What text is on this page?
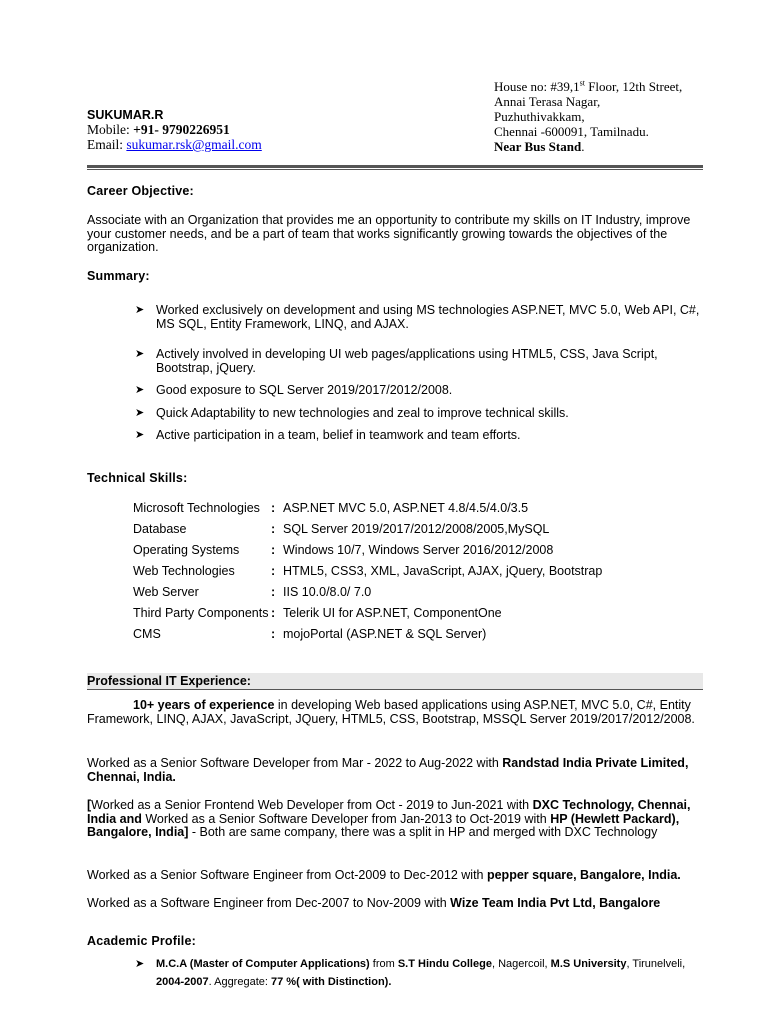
House no: #39,1st Floor, 12th Street,
Annai Terasa Nagar,
Puzhuthivakkam,
Chennai -600091, Tamilnadu.
Near Bus Stand.
SUKUMAR.R
Mobile: +91- 9790226951
Email: sukumar.rsk@gmail.com
Career Objective:
Associate with an Organization that provides me an opportunity to contribute my skills on IT Industry, improve your customer needs, and be a part of team that works significantly growing towards the objectives of the organization.
Summary:
➤ Worked exclusively on development and using MS technologies ASP.NET, MVC 5.0, Web API, C#, MS SQL, Entity Framework, LINQ, and AJAX.
➤ Actively involved in developing UI web pages/applications using HTML5, CSS, Java Script, Bootstrap, jQuery.
➤ Good exposure to SQL Server 2019/2017/2012/2008.
➤ Quick Adaptability to new technologies and zeal to improve technical skills.
➤ Active participation in a team, belief in teamwork and team efforts.
Technical Skills:
Microsoft Technologies : ASP.NET MVC 5.0, ASP.NET 4.8/4.5/4.0/3.5
Database	: SQL Server 2019/2017/2012/2008/2005,MySQL
Operating Systems	: Windows 10/7, Windows Server 2016/2012/2008
Web Technologies	: HTML5, CSS3, XML, JavaScript, AJAX, jQuery, Bootstrap
Web Server	: IIS 10.0/8.0/ 7.0
Third Party Components : Telerik UI for ASP.NET, ComponentOne
CMS	: mojoPortal (ASP.NET & SQL Server)
Professional IT Experience:
10+ years of experience in developing Web based applications using ASP.NET, MVC 5.0, C#, Entity Framework, LINQ, AJAX, JavaScript, JQuery, HTML5, CSS, Bootstrap, MSSQL Server 2019/2017/2012/2008.
Worked as a Senior Software Developer from Mar - 2022 to Aug-2022 with Randstad India Private Limited, Chennai, India.
[Worked as a Senior Frontend Web Developer from Oct - 2019 to Jun-2021 with DXC Technology, Chennai, India and Worked as a Senior Software Developer from Jan-2013 to Oct-2019 with HP (Hewlett Packard), Bangalore, India] - Both are same company, there was a split in HP and merged with DXC Technology
Worked as a Senior Software Engineer from Oct-2009 to Dec-2012 with pepper square, Bangalore, India.
Worked as a Software Engineer from Dec-2007 to Nov-2009 with Wize Team India Pvt Ltd, Bangalore
Academic Profile:
➤ M.C.A (Master of Computer Applications) from S.T Hindu College, Nagercoil, M.S University, Tirunelveli, 2004-2007. Aggregate: 77 %( with Distinction).
